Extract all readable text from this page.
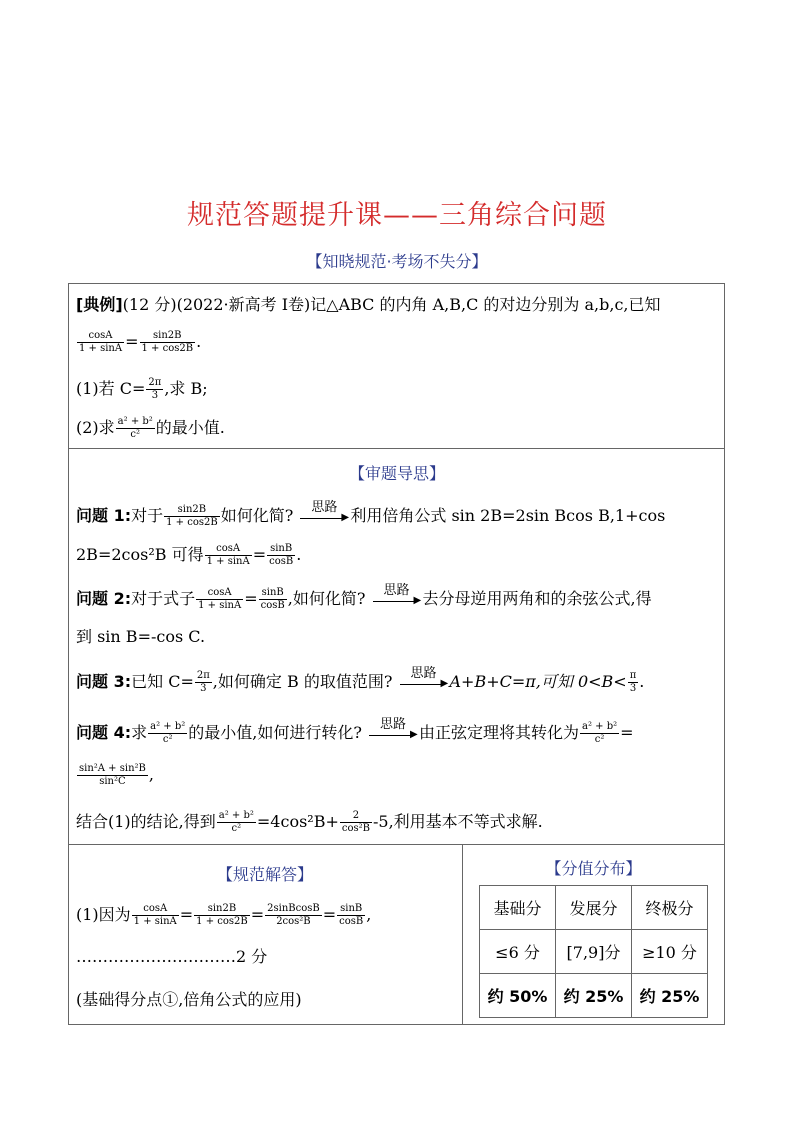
规范答题提升课——三角综合问题
【知晓规范·考场不失分】
[典例](12 分)(2022·新高考 Ⅰ卷)记△ABC 的内角 A,B,C 的对边分别为 a,b,c,已知
$\frac{\cos A}{1 + \sin A} = \frac{\sin 2B}{1 + \cos 2B}$ .
(1)若 $C= \frac{2\pi}{3}$ ,求 B;
(2)求 $\frac{\text{a² + b²}}{\text{c²}}$ 的最小值.
【审题导思】
问题 1:对于 $\frac{\sin 2B}{1 + \cos 2B}$ 如何化简?	思路
▶ 利用倍角公式 sin 2B=2sin Bcos B,1+cos
2B=2cos²B 可得 $\frac{\cos A}{1 + \sin A} = \frac{\sin B}{\cos B}$ .
问题 2:对于式子 $\frac{\cos A}{1 + \sin A} = \frac{\sin B}{\cos B}$ ,如何化简?	思路
▶ 去分母逆用两角和的余弦公式,得
到 sin B=-cos C.
问题 3:已知 $C= \frac{2\pi}{3}$ ,如何确定 B 的取值范围?	思路
▶ A+B+C=π,可知 $0<B< \frac{\pi}{3}$ .
问题 4:求 $\frac{\text{a² + b²}}{\text{c²}}$ 的最小值,如何进行转化?	思路
▶ 由正弦定理将其转化为 $\frac{\text{a² + b²}}{\text{c²}}$ =
$\frac{\text{sin²A + sin²B}}{\text{sin²C}}$ ,
结合(1)的结论,得到 $\frac{\text{a² + b²}}{\text{c²}} =4\cos^2B+ \frac{2}{\text{cos²B}} -5$,利用基本不等式求解.
【规范解答】
(1)因为 $\frac{\cos A}{1 + \sin A} = \frac{\sin 2B}{1 + \cos 2B} = \frac{\text{2sinBcosB}}{\text{2cos²B}} = \frac{\sin B}{\cos B}$ ,
…………………………2 分
(基础得分点①,倍角公式的应用)
【分值分布】
基础分	发展分	终极分
≤6 分	[7,9]分	≥10 分
约 50%	约 25%	约 25%
